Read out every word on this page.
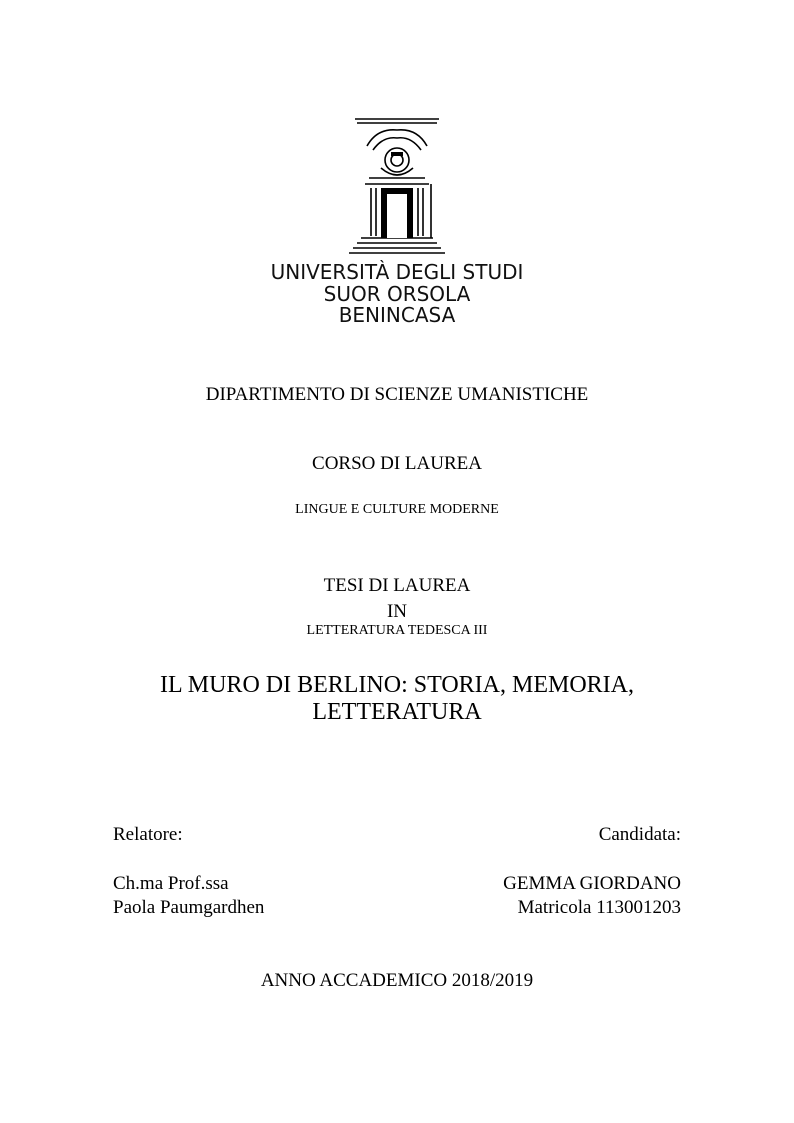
UNIVERSITÀ DEGLI STUDI
SUOR ORSOLA
BENINCASA
DIPARTIMENTO DI SCIENZE UMANISTICHE
CORSO DI LAUREA
LINGUE E CULTURE MODERNE
TESI DI LAUREA
IN
LETTERATURA TEDESCA III
IL MURO DI BERLINO: STORIA, MEMORIA,
LETTERATURA
Relatore:	Candidata:
Ch.ma Prof.ssa
Paola Paumgardhen
GEMMA GIORDANO
Matricola 113001203
ANNO ACCADEMICO 2018/2019
